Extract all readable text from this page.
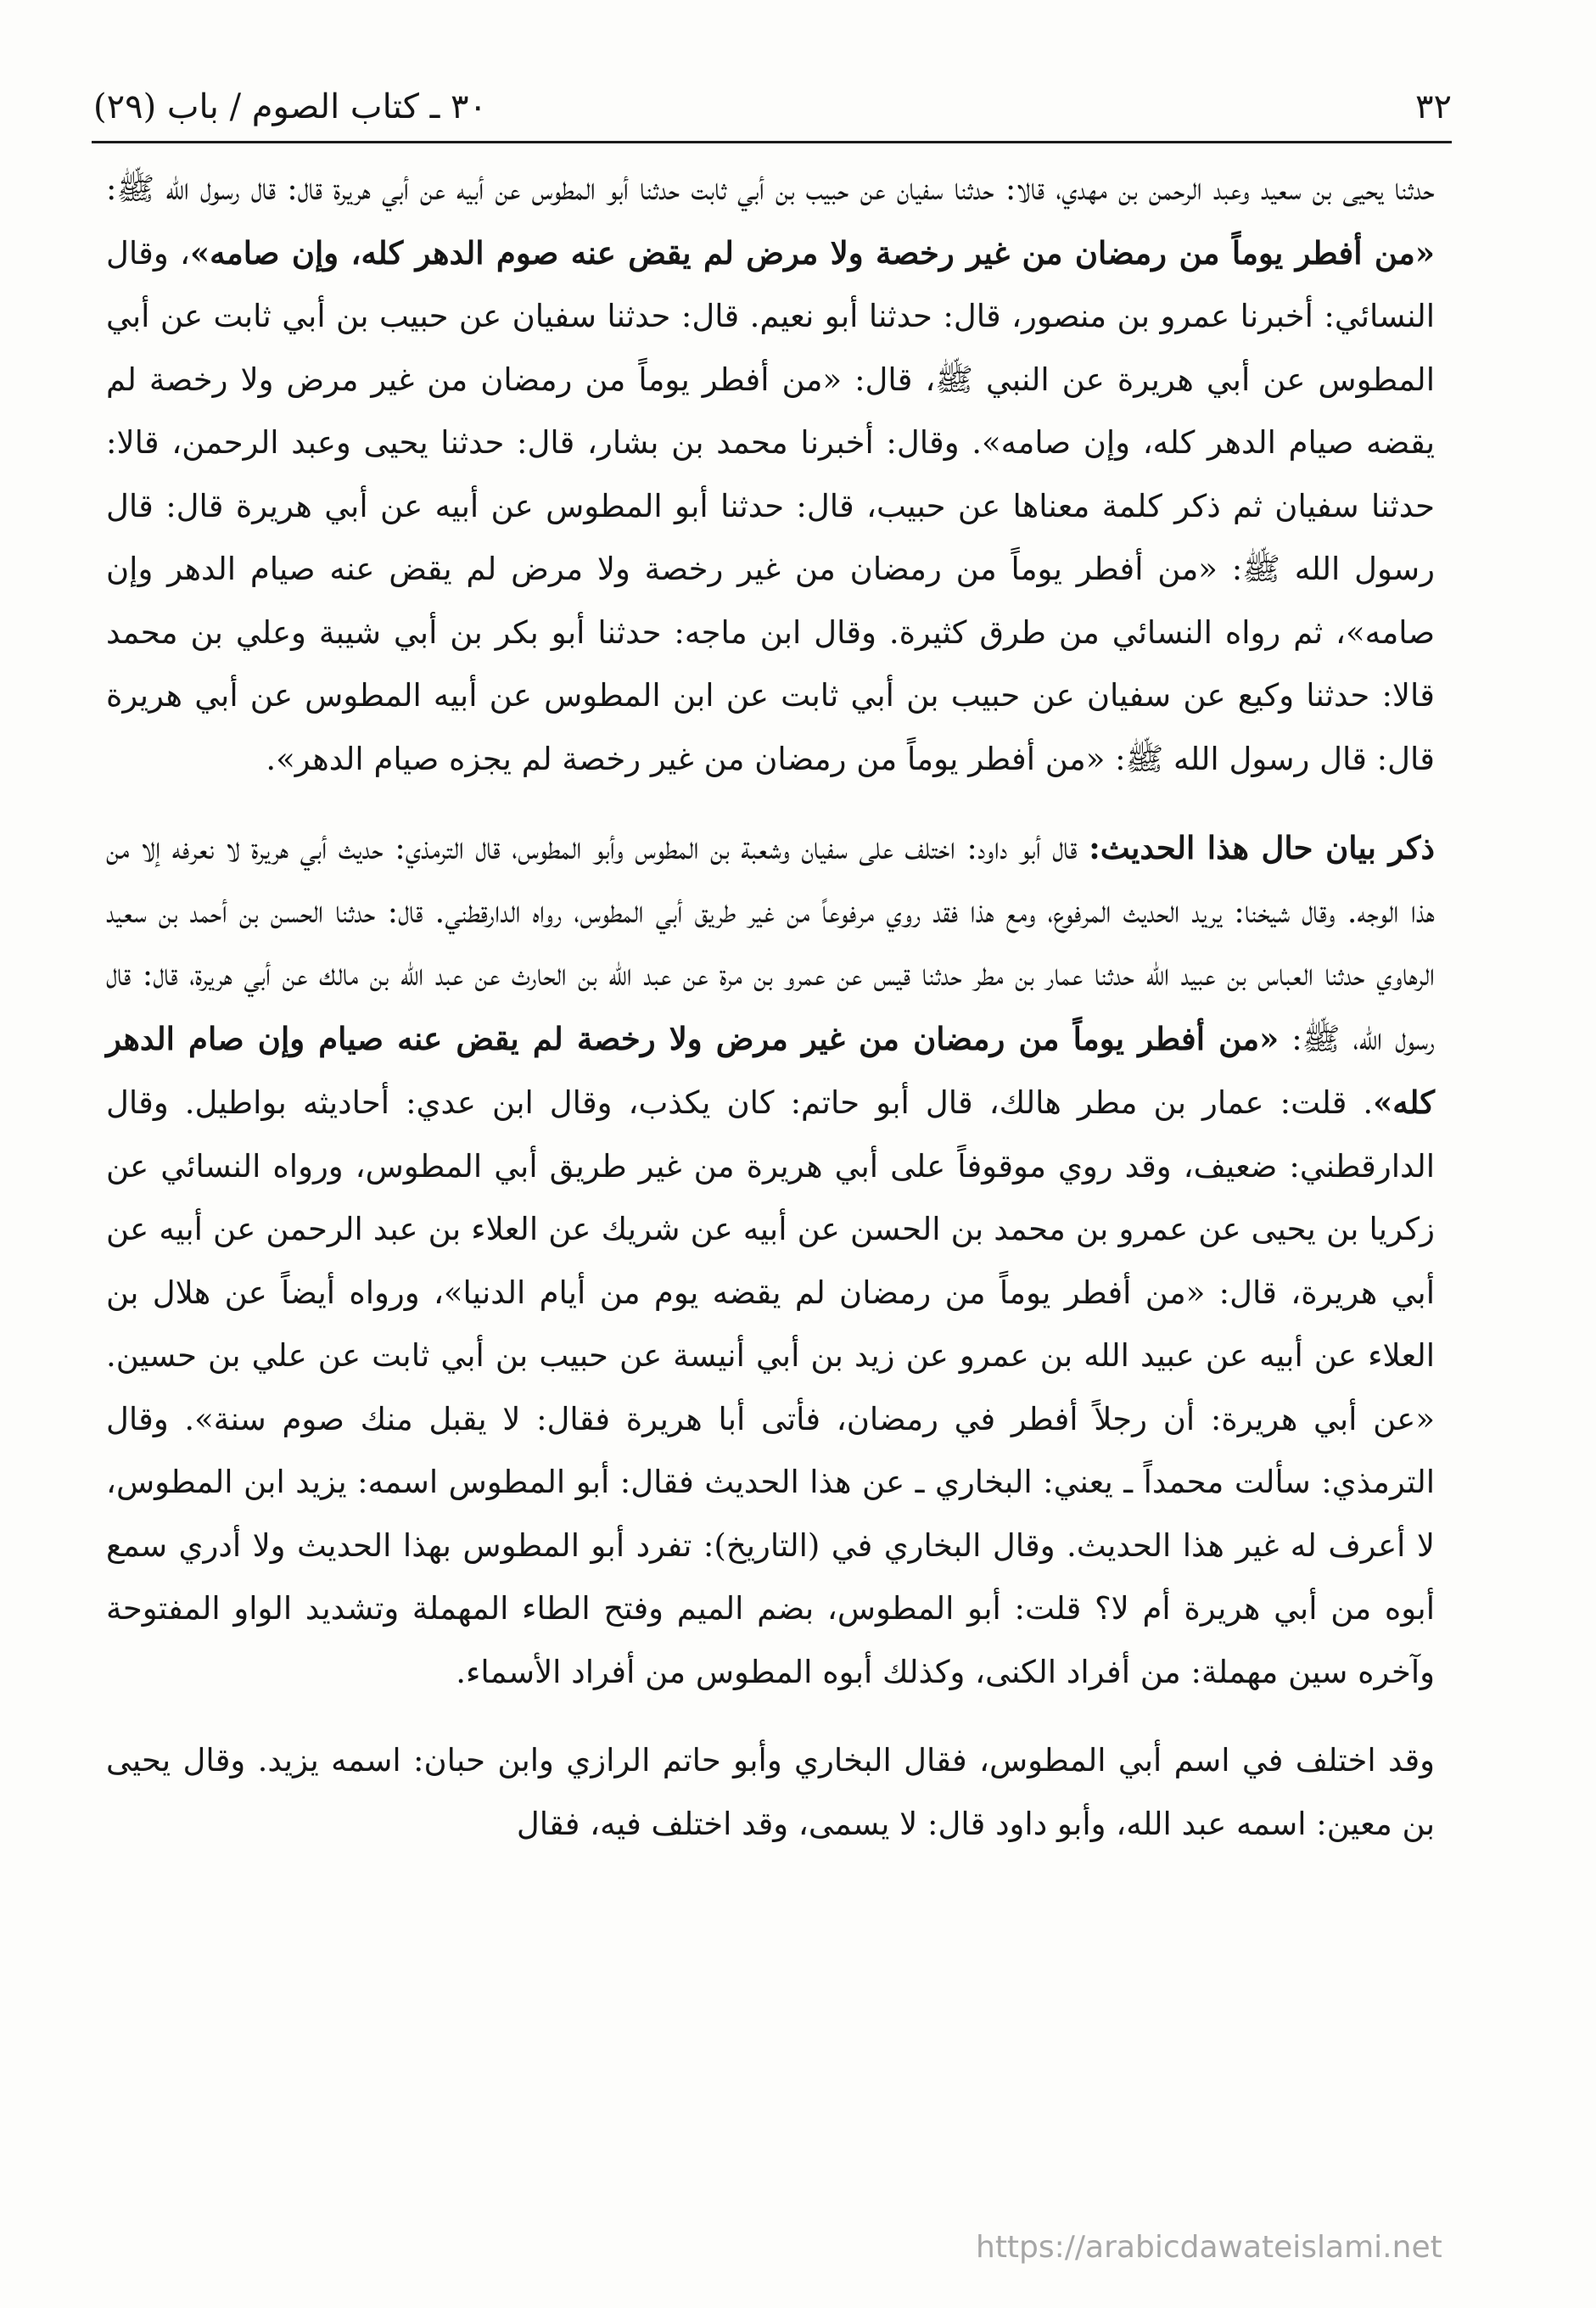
٣٢
٣٠ ـ كتاب الصوم / باب (٢٩)

حدثنا يحيى بن سعيد وعبد الرحمن بن مهدي، قالا: حدثنا سفيان عن حبيب بن أبي ثابت حدثنا أبو المطوس عن أبيه عن أبي هريرة قال: قال رسول الله ﷺ: «من أفطر يوماً من رمضان من غير رخصة ولا مرض لم يقض عنه صوم الدهر كله، وإن صامه»، وقال النسائي: أخبرنا عمرو بن منصور، قال: حدثنا أبو نعيم. قال: حدثنا سفيان عن حبيب بن أبي ثابت عن أبي المطوس عن أبي هريرة عن النبي ﷺ، قال: «من أفطر يوماً من رمضان من غير مرض ولا رخصة لم يقضه صيام الدهر كله، وإن صامه». وقال: أخبرنا محمد بن بشار، قال: حدثنا يحيى وعبد الرحمن، قالا: حدثنا سفيان ثم ذكر كلمة معناها عن حبيب، قال: حدثنا أبو المطوس عن أبيه عن أبي هريرة قال: قال رسول الله ﷺ: «من أفطر يوماً من رمضان من غير رخصة ولا مرض لم يقض عنه صيام الدهر وإن صامه»، ثم رواه النسائي من طرق كثيرة. وقال ابن ماجه: حدثنا أبو بكر بن أبي شيبة وعلي بن محمد قالا: حدثنا وكيع عن سفيان عن حبيب بن أبي ثابت عن ابن المطوس عن أبيه المطوس عن أبي هريرة قال: قال رسول الله ﷺ: «من أفطر يوماً من رمضان من غير رخصة لم يجزه صيام الدهر».

ذكر بيان حال هذا الحديث: قال أبو داود: اختلف على سفيان وشعبة بن المطوس وأبو المطوس، قال الترمذي: حديث أبي هريرة لا نعرفه إلا من هذا الوجه. وقال شيخنا: يريد الحديث المرفوع، ومع هذا فقد روي مرفوعاً من غير طريق أبي المطوس، رواه الدارقطني. قال: حدثنا الحسن بن أحمد بن سعيد الرهاوي حدثنا العباس بن عبيد الله حدثنا عمار بن مطر حدثنا قيس عن عمرو بن مرة عن عبد الله بن الحارث عن عبد الله بن مالك عن أبي هريرة، قال: قال رسول الله، ﷺ: «من أفطر يوماً من رمضان من غير مرض ولا رخصة لم يقض عنه صيام وإن صام الدهر كله». قلت: عمار بن مطر هالك، قال أبو حاتم: كان يكذب، وقال ابن عدي: أحاديثه بواطيل. وقال الدارقطني: ضعيف، وقد روي موقوفاً على أبي هريرة من غير طريق أبي المطوس، ورواه النسائي عن زكريا بن يحيى عن عمرو بن محمد بن الحسن عن أبيه عن شريك عن العلاء بن عبد الرحمن عن أبيه عن أبي هريرة، قال: «من أفطر يوماً من رمضان لم يقضه يوم من أيام الدنيا»، ورواه أيضاً عن هلال بن العلاء عن أبيه عن عبيد الله بن عمرو عن زيد بن أبي أنيسة عن حبيب بن أبي ثابت عن علي بن حسين. «عن أبي هريرة: أن رجلاً أفطر في رمضان، فأتى أبا هريرة فقال: لا يقبل منك صوم سنة». وقال الترمذي: سألت محمداً ـ يعني: البخاري ـ عن هذا الحديث فقال: أبو المطوس اسمه: يزيد ابن المطوس، لا أعرف له غير هذا الحديث. وقال البخاري في (التاريخ): تفرد أبو المطوس بهذا الحديث ولا أدري سمع أبوه من أبي هريرة أم لا؟ قلت: أبو المطوس، بضم الميم وفتح الطاء المهملة وتشديد الواو المفتوحة وآخره سين مهملة: من أفراد الكنى، وكذلك أبوه المطوس من أفراد الأسماء.

وقد اختلف في اسم أبي المطوس، فقال البخاري وأبو حاتم الرازي وابن حبان: اسمه يزيد. وقال يحيى بن معين: اسمه عبد الله، وأبو داود قال: لا يسمى، وقد اختلف فيه، فقال

https://arabicdawateislami.net
